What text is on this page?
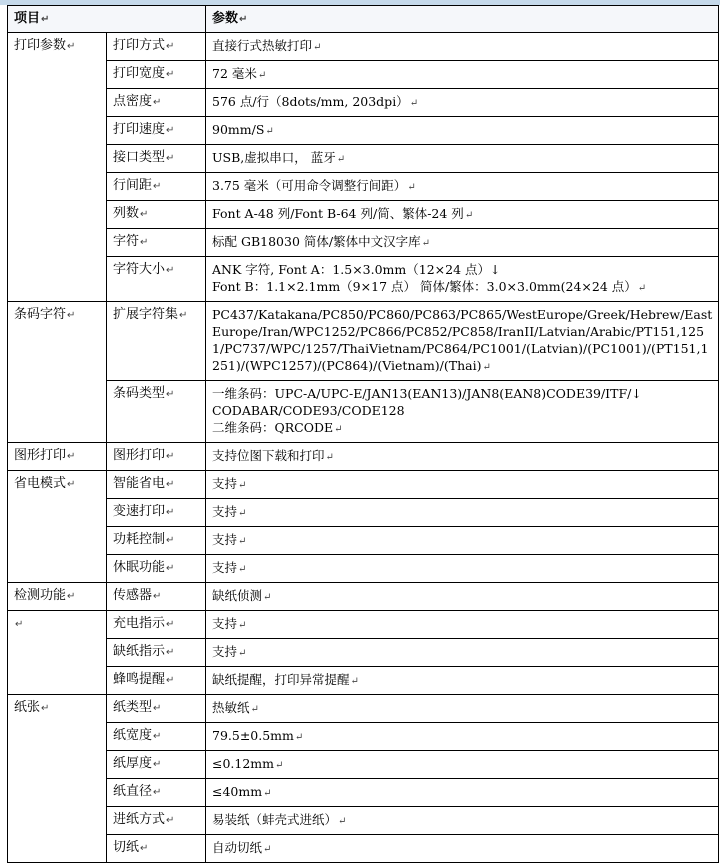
项目↵		参数↵
打印参数↵	打印方式↵	直接行式热敏打印↵

	打印宽度↵	72 毫米↵

	点密度↵	576 点/行（8dots/mm, 203dpi）↵

	打印速度↵	90mm/S↵

	接口类型↵	USB,虚拟串口， 蓝牙↵

	行间距↵	3.75 毫米（可用命令调整行间距）↵

	列数↵	Font A-48 列/Font B-64 列/简、繁体-24 列↵

	字符↵	标配 GB18030 简体/繁体中文汉字库↵

	字符大小↵	ANK 字符, Font A：1.5×3.0mm（12×24 点）↓
Font B：1.1×2.1mm（9×17 点） 简体/繁体：3.0×3.0mm(24×24 点）↵

条码字符↵	扩展字符集↵	PC437/Katakana/PC850/PC860/PC863/PC865/WestEurope/Greek/Hebrew/EastEurope/Iran/WPC1252/PC866/PC852/PC858/IranII/Latvian/Arabic/PT151,1251/PC737/WPC/1257/ThaiVietnam/PC864/PC1001/(Latvian)/(PC1001)/(PT151,1251)/(WPC1257)/(PC864)/(Vietnam)/(Thai)↵

	条码类型↵	一维条码：UPC-A/UPC-E/JAN13(EAN13)/JAN8(EAN8)CODE39/ITF/↓
CODABAR/CODE93/CODE128
二维条码：QRCODE↵

图形打印↵	图形打印↵	支持位图下载和打印↵

省电模式↵	智能省电↵	支持↵

	变速打印↵	支持↵

	功耗控制↵	支持↵

	休眠功能↵	支持↵

检测功能↵	传感器↵	缺纸侦测↵

↵	充电指示↵	支持↵

	缺纸指示↵	支持↵

	蜂鸣提醒↵	缺纸提醒，打印异常提醒↵

纸张↵	纸类型↵	热敏纸↵

	纸宽度↵	79.5±0.5mm↵

	纸厚度↵	≤0.12mm↵

	纸直径↵	≤40mm↵

	进纸方式↵	易装纸（蚌壳式进纸）↵

	切纸↵	自动切纸↵
